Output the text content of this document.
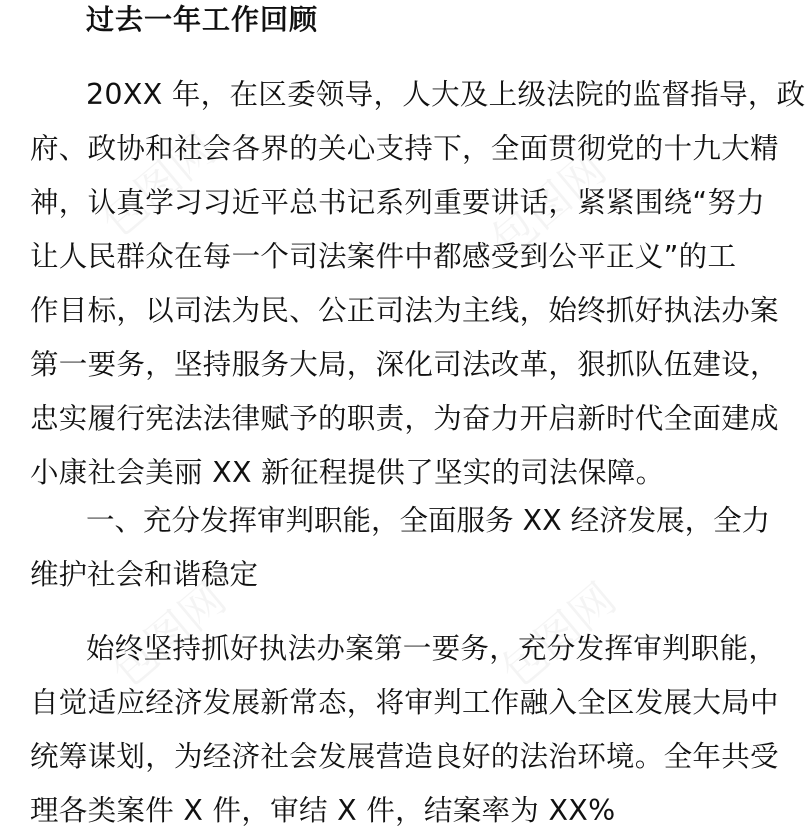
过去一年工作回顾
20XX 年，在区委领导，人大及上级法院的监督指导，政
府、政协和社会各界的关心支持下，全面贯彻党的十九大精
神，认真学习习近平总书记系列重要讲话，紧紧围绕“努力
让人民群众在每一个司法案件中都感受到公平正义”的工
作目标，以司法为民、公正司法为主线，始终抓好执法办案
第一要务，坚持服务大局，深化司法改革，狠抓队伍建设，
忠实履行宪法法律赋予的职责，为奋力开启新时代全面建成
小康社会美丽 XX 新征程提供了坚实的司法保障。
一、充分发挥审判职能，全面服务 XX 经济发展，全力
维护社会和谐稳定
始终坚持抓好执法办案第一要务，充分发挥审判职能，
自觉适应经济发展新常态，将审判工作融入全区发展大局中
统筹谋划，为经济社会发展营造良好的法治环境。全年共受
理各类案件 X 件，审结 X 件，结案率为 XX%
